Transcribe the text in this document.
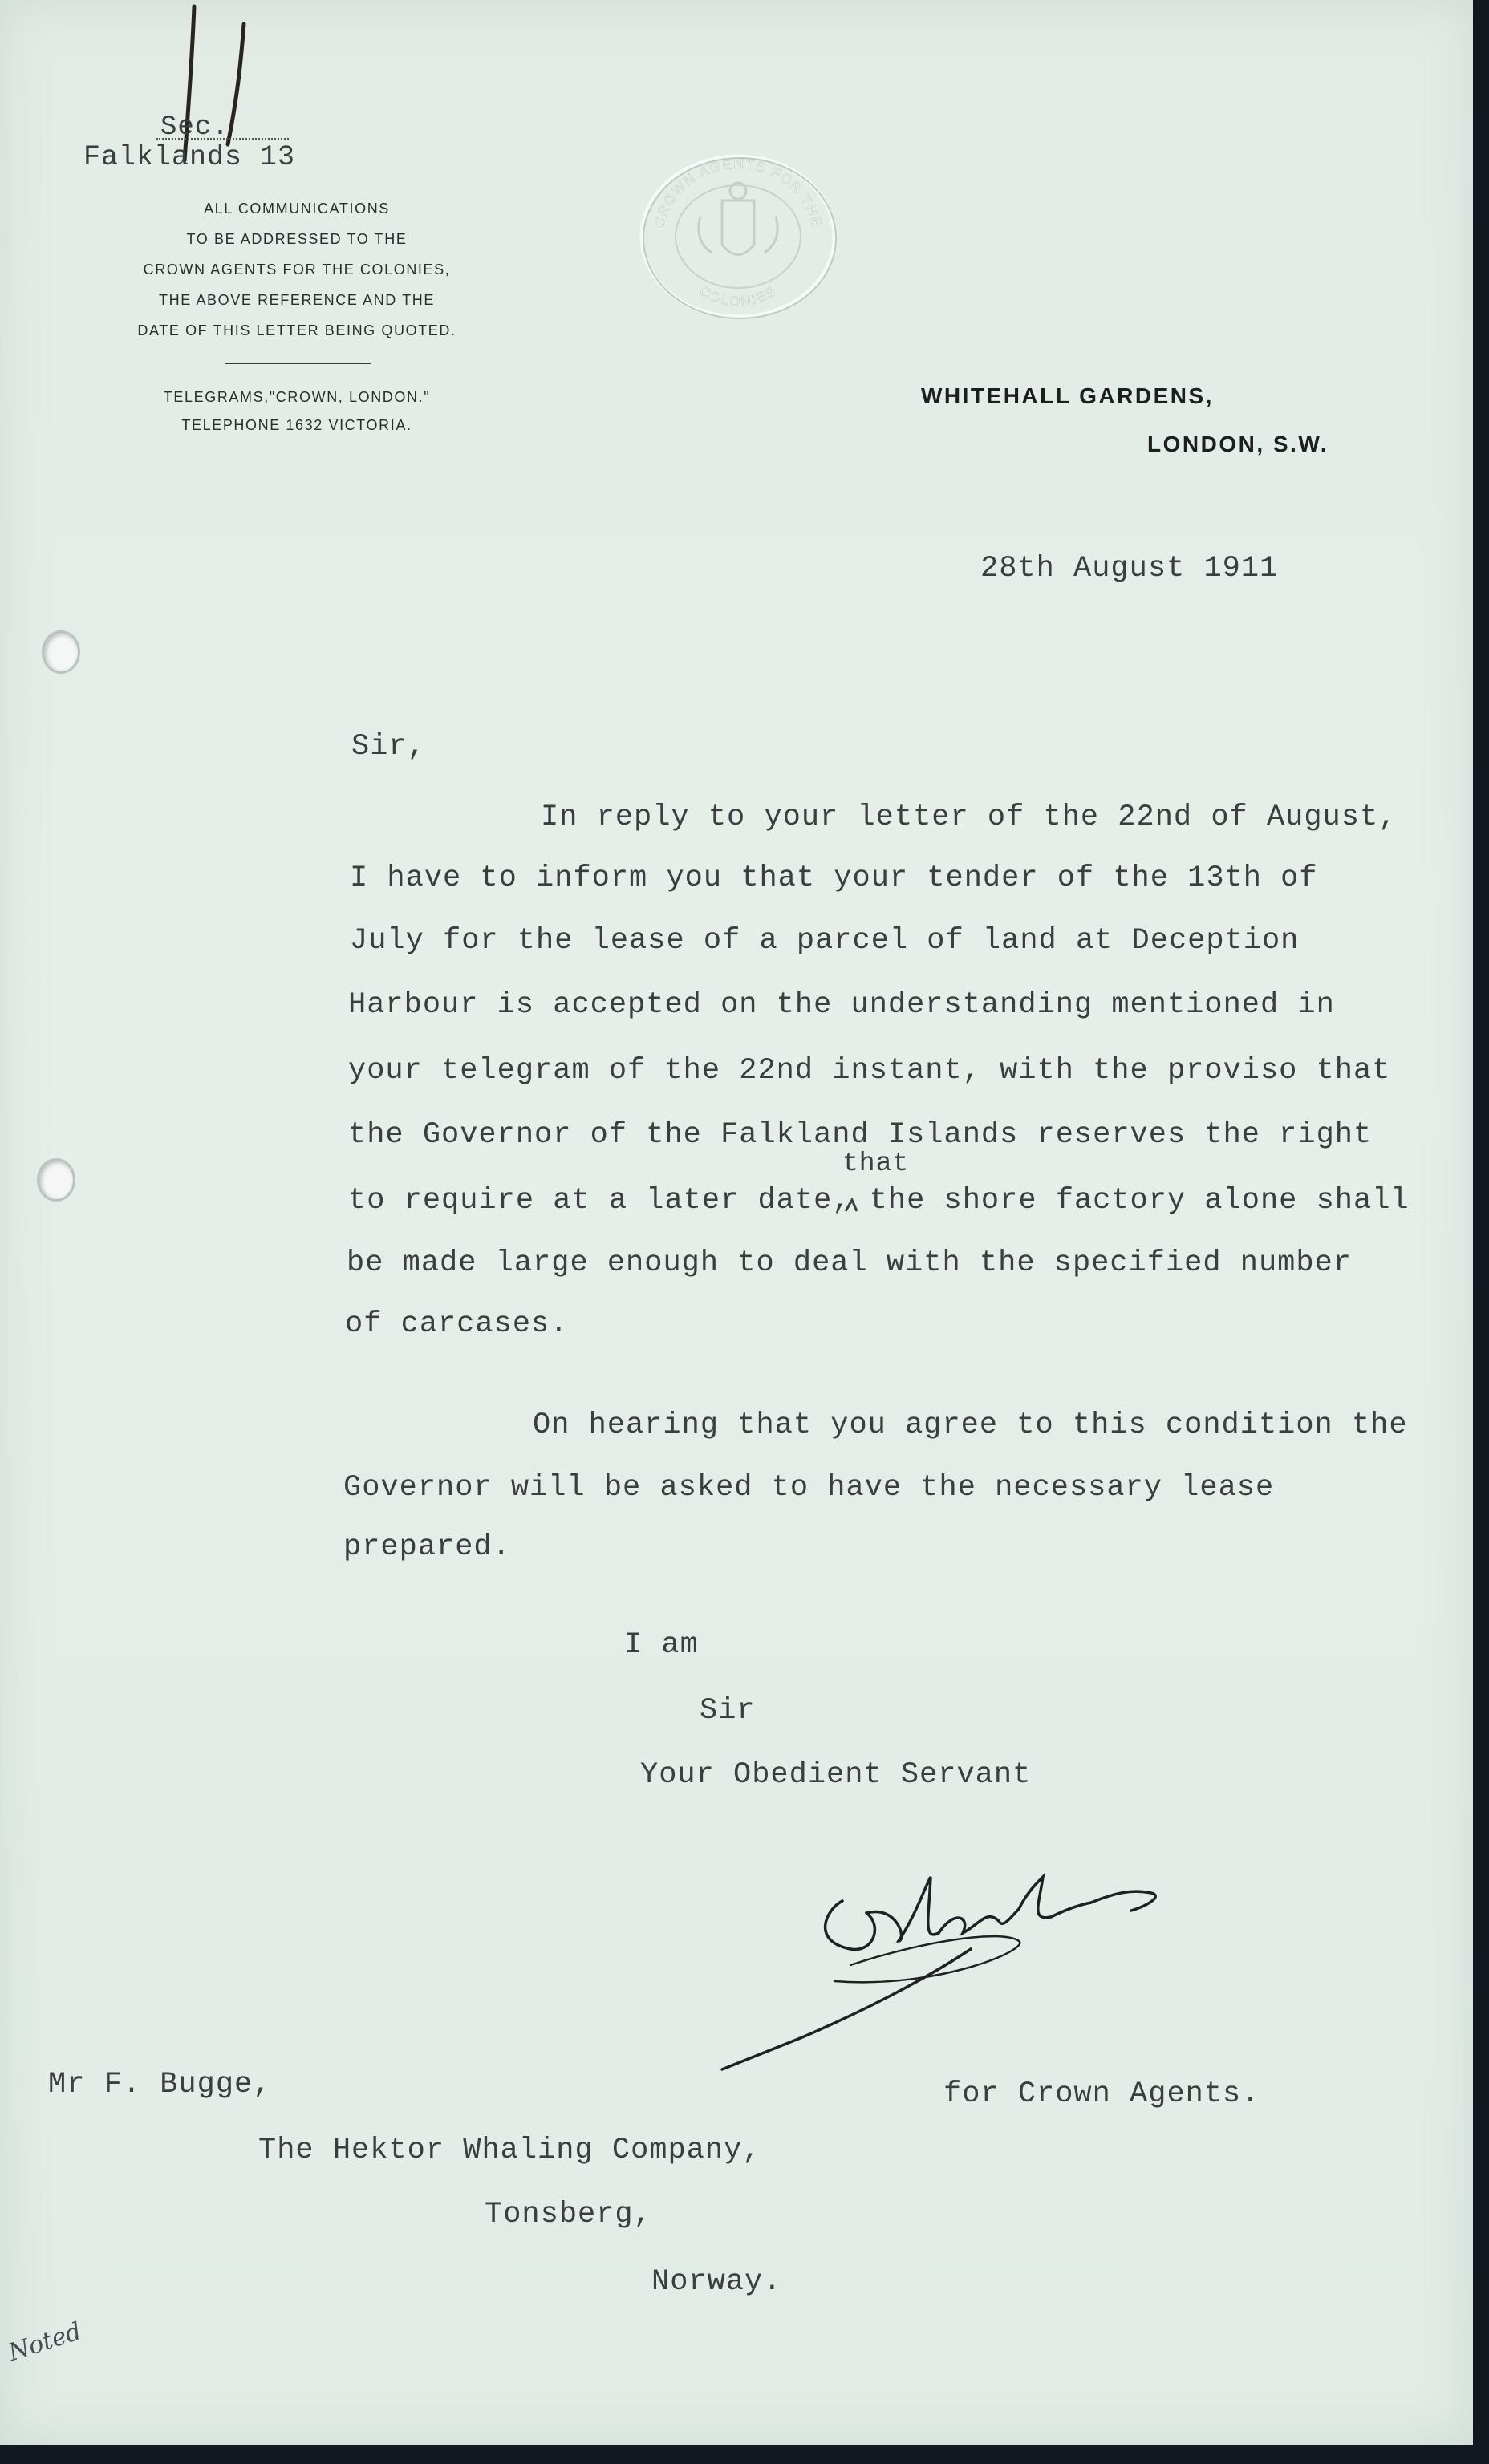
Sec.
Falklands 13
ALL COMMUNICATIONS
TO BE ADDRESSED TO THE
CROWN AGENTS FOR THE COLONIES,
THE ABOVE REFERENCE AND THE
DATE OF THIS LETTER BEING QUOTED.
TELEGRAMS,"CROWN, LONDON."
TELEPHONE 1632 VICTORIA.
CROWN AGENTS FOR THE
COLONIES
WHITEHALL GARDENS,
LONDON, S.W.
28th August 1911
Sir,
In reply to your letter of the 22nd of August,
I have to inform you that your tender of the 13th of
July for the lease of a parcel of land at Deception
Harbour is accepted on the understanding mentioned in
your telegram of the 22nd instant, with the proviso that
the Governor of the Falkland Islands reserves the right
that
to require at a later date, the shore factory alone shall
be made large enough to deal with the specified number
of carcases.
On hearing that you agree to this condition the
Governor will be asked to have the necessary lease
prepared.
I am
Sir
Your Obedient Servant
for Crown Agents.
Mr F. Bugge,
The Hektor Whaling Company,
Tonsberg,
Norway.
Noted
